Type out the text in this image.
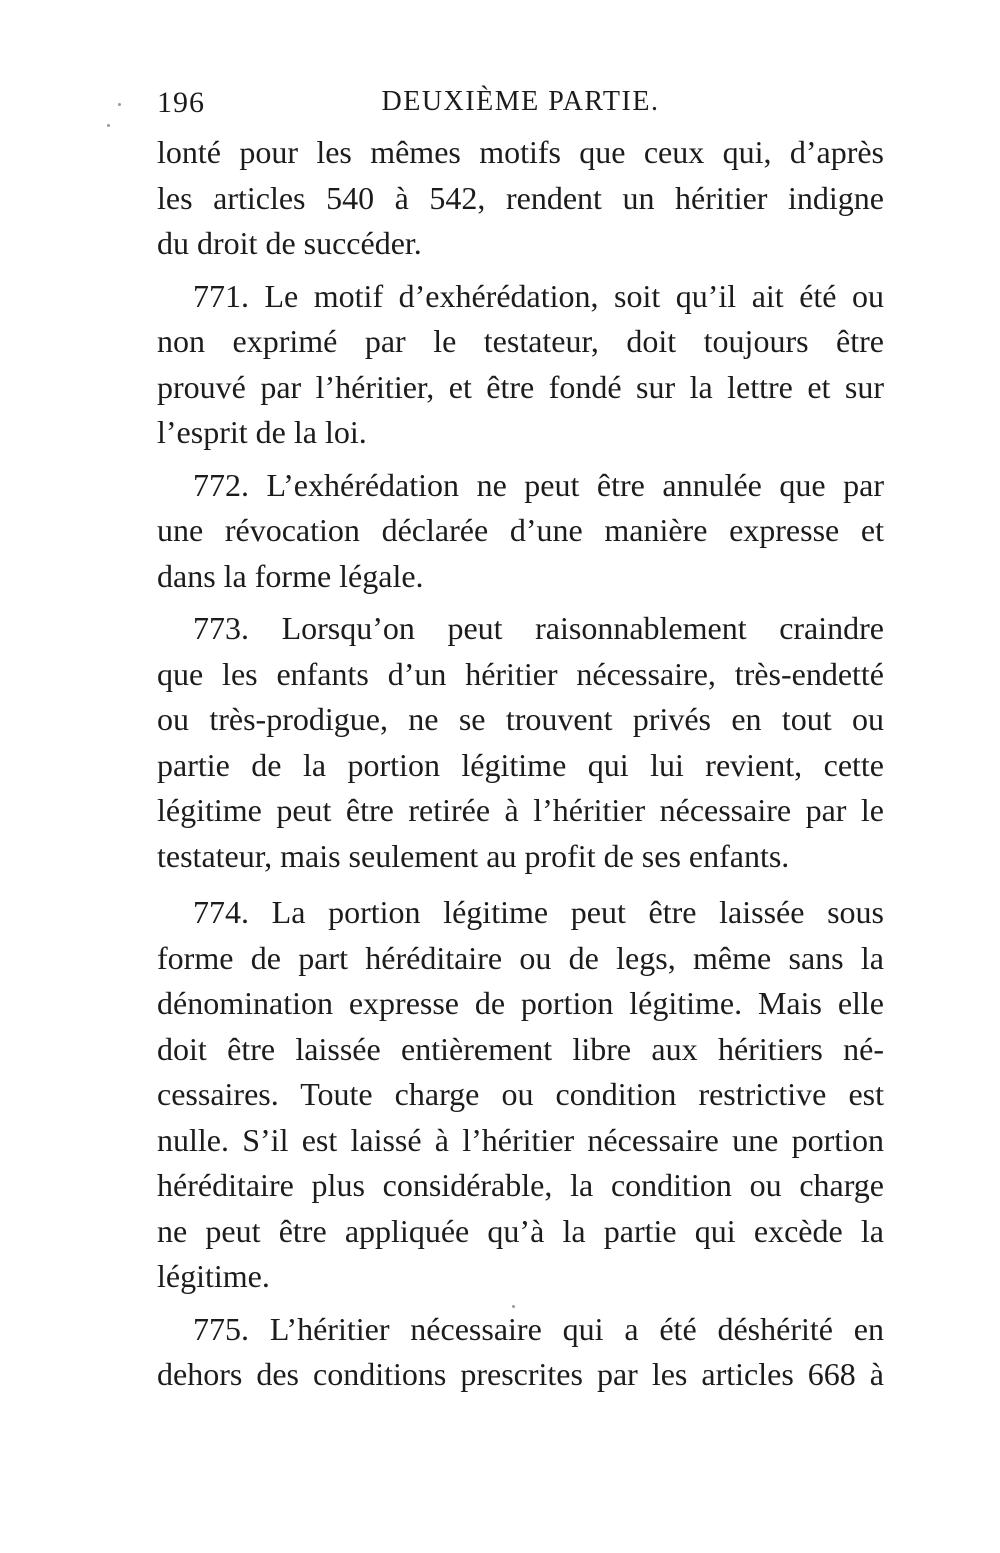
196	DEUXIÈME PARTIE.
lonté pour les mêmes motifs que ceux qui, d’après
les articles 540 à 542, rendent un héritier indigne
du droit de succéder.
771. Le motif d’exhérédation, soit qu’il ait été ou
non exprimé par le testateur, doit toujours être
prouvé par l’héritier, et être fondé sur la lettre et sur
l’esprit de la loi.
772. L’exhérédation ne peut être annulée que par
une révocation déclarée d’une manière expresse et
dans la forme légale.
773. Lorsqu’on peut raisonnablement craindre
que les enfants d’un héritier nécessaire, très-endetté
ou très-prodigue, ne se trouvent privés en tout ou
partie de la portion légitime qui lui revient, cette
légitime peut être retirée à l’héritier nécessaire par le
testateur, mais seulement au profit de ses enfants.
774. La portion légitime peut être laissée sous
forme de part héréditaire ou de legs, même sans la
dénomination expresse de portion légitime. Mais elle
doit être laissée entièrement libre aux héritiers né-
cessaires. Toute charge ou condition restrictive est
nulle. S’il est laissé à l’héritier nécessaire une portion
héréditaire plus considérable, la condition ou charge
ne peut être appliquée qu’à la partie qui excède la
légitime.
775. L’héritier nécessaire qui a été déshérité en
dehors des conditions prescrites par les articles 668 à
